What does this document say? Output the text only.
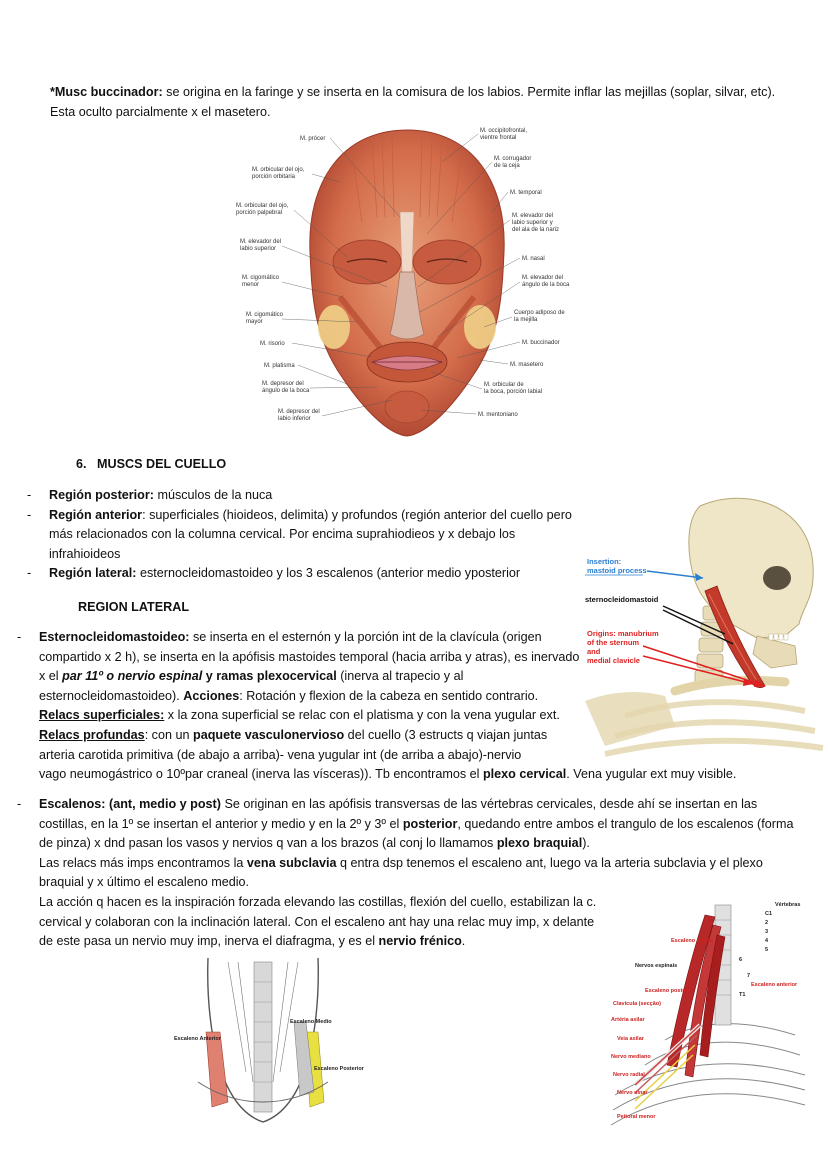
*Musc buccinador: se origina en la faringe y se inserta en la comisura de los labios. Permite inflar las mejillas (soplar, silvar, etc). Esta oculto parcialmente x el masetero.
M. prócer
M. orbicular del ojo,
porción orbitaria
M. orbicular del ojo,
porción palpebral
M. elevador del
labio superior
M. cigomático
menor
M. cigomático
mayor
M. risorio
M. platisma
M. depresor del
ángulo de la boca
M. depresor del
labio inferior
M. occipitofrontal,
vientre frontal
M. corrugador
de la ceja
M. temporal
M. elevador del
labio superior y
del ala de la nariz
M. nasal
M. elevador del
ángulo de la boca
Cuerpo adiposo de
la mejilla
M. buccinador
M. masetero
M. orbicular de
la boca, porción labial
M. mentoniano
6. MUSCS DEL CUELLO
- Región posterior: músculos de la nuca
- Región anterior: superficiales (hioideos, delimita) y profundos (región anterior del cuello pero más relacionados con la columna cervical. Por encima suprahiodieos y x debajo los infrahioideos
- Región lateral: esternocleidomastoideo y los 3 escalenos (anterior medio yposterior
REGION LATERAL
- Esternocleidomastoideo: se inserta en el esternón y la porción int de la clavícula (origen compartido x 2 h), se inserta en la apófisis mastoides temporal (hacia arriba y atras), es inervado x el par 11º o nervio espinal y ramas plexocervical (inerva al trapecio y al esternocleidomastoideo). Acciones: Rotación y flexion de la cabeza en sentido contrario.
Relacs superficiales: x la zona superficial se relac con el platisma y con la vena yugular ext.
Relacs profundas: con un paquete vasculonervioso del cuello (3 estructs q viajan juntas arteria carotida primitiva (de abajo a arriba)- vena yugular int (de arriba a abajo)-nervio
Insertion:
mastoid process
sternocleidomastoid
Origins: manubrium
of the sternum
and
medial clavicle
vago neumogástrico o 10ºpar craneal (inerva las vísceras)). Tb encontramos el plexo cervical. Vena yugular ext muy visible.
- Escalenos: (ant, medio y post) Se originan en las apófisis transversas de las vértebras cervicales, desde ahí se insertan en las costillas, en la 1º se insertan el anterior y medio y en la 2º y 3º el posterior, quedando entre ambos el trangulo de los escalenos (forma de pinza) x dnd pasan los vasos y nervios q van a los brazos (al conj lo llamamos plexo braquial).
Las relacs más imps encontramos la vena subclavia q entra dsp tenemos el escaleno ant, luego va la arteria subclavia y el plexo braquial y x último el escaleno medio.
La acción q hacen es la inspiración forzada elevando las costillas, flexión del cuello, estabilizan la c. cervical y colaboran con la inclinación lateral. Con el escaleno ant hay una relac muy imp, x delante de este pasa un nervio muy imp, inerva el diafragma, y es el nervio frénico.
Escaleno Medio
Escaleno Anterior
Escaleno Posterior
Vértebras
C1
2
3
4
5
6
7
T1
Escaleno medio
Nervos espinais
Escaleno posterior
Escaleno anterior
Clavícula (secção)
Artéria axilar
Veia axilar
Nervo mediano
Nervo radial
Nervo ulnar
Peitoral menor
